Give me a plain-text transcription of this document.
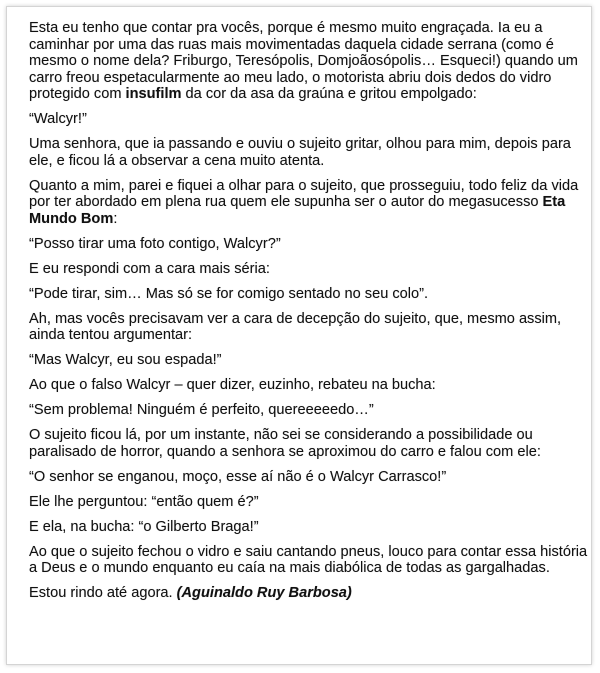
Esta eu tenho que contar pra vocês, porque é mesmo muito engraçada. Ia eu a caminhar por uma das ruas mais movimentadas daquela cidade serrana (como é mesmo o nome dela? Friburgo, Teresópolis, Domjoãosópolis… Esqueci!) quando um carro freou espetacularmente ao meu lado, o motorista abriu dois dedos do vidro protegido com insufilm da cor da asa da graúna e gritou empolgado:

“Walcyr!”

Uma senhora, que ia passando e ouviu o sujeito gritar, olhou para mim, depois para ele, e ficou lá a observar a cena muito atenta.

Quanto a mim, parei e fiquei a olhar para o sujeito, que prosseguiu, todo feliz da vida por ter abordado em plena rua quem ele supunha ser o autor do megasucesso Eta Mundo Bom:

“Posso tirar uma foto contigo, Walcyr?”

E eu respondi com a cara mais séria:

“Pode tirar, sim… Mas só se for comigo sentado no seu colo”.

Ah, mas vocês precisavam ver a cara de decepção do sujeito, que, mesmo assim, ainda tentou argumentar:

“Mas Walcyr, eu sou espada!”

Ao que o falso Walcyr – quer dizer, euzinho, rebateu na bucha:

“Sem problema! Ninguém é perfeito, quereeeeedo…”

O sujeito ficou lá, por um instante, não sei se considerando a possibilidade ou paralisado de horror, quando a senhora se aproximou do carro e falou com ele:

“O senhor se enganou, moço, esse aí não é o Walcyr Carrasco!”

Ele lhe perguntou: “então quem é?”

E ela, na bucha: “o Gilberto Braga!”

Ao que o sujeito fechou o vidro e saiu cantando pneus, louco para contar essa história a Deus e o mundo enquanto eu caía na mais diabólica de todas as gargalhadas.

Estou rindo até agora. (Aguinaldo Ruy Barbosa)
